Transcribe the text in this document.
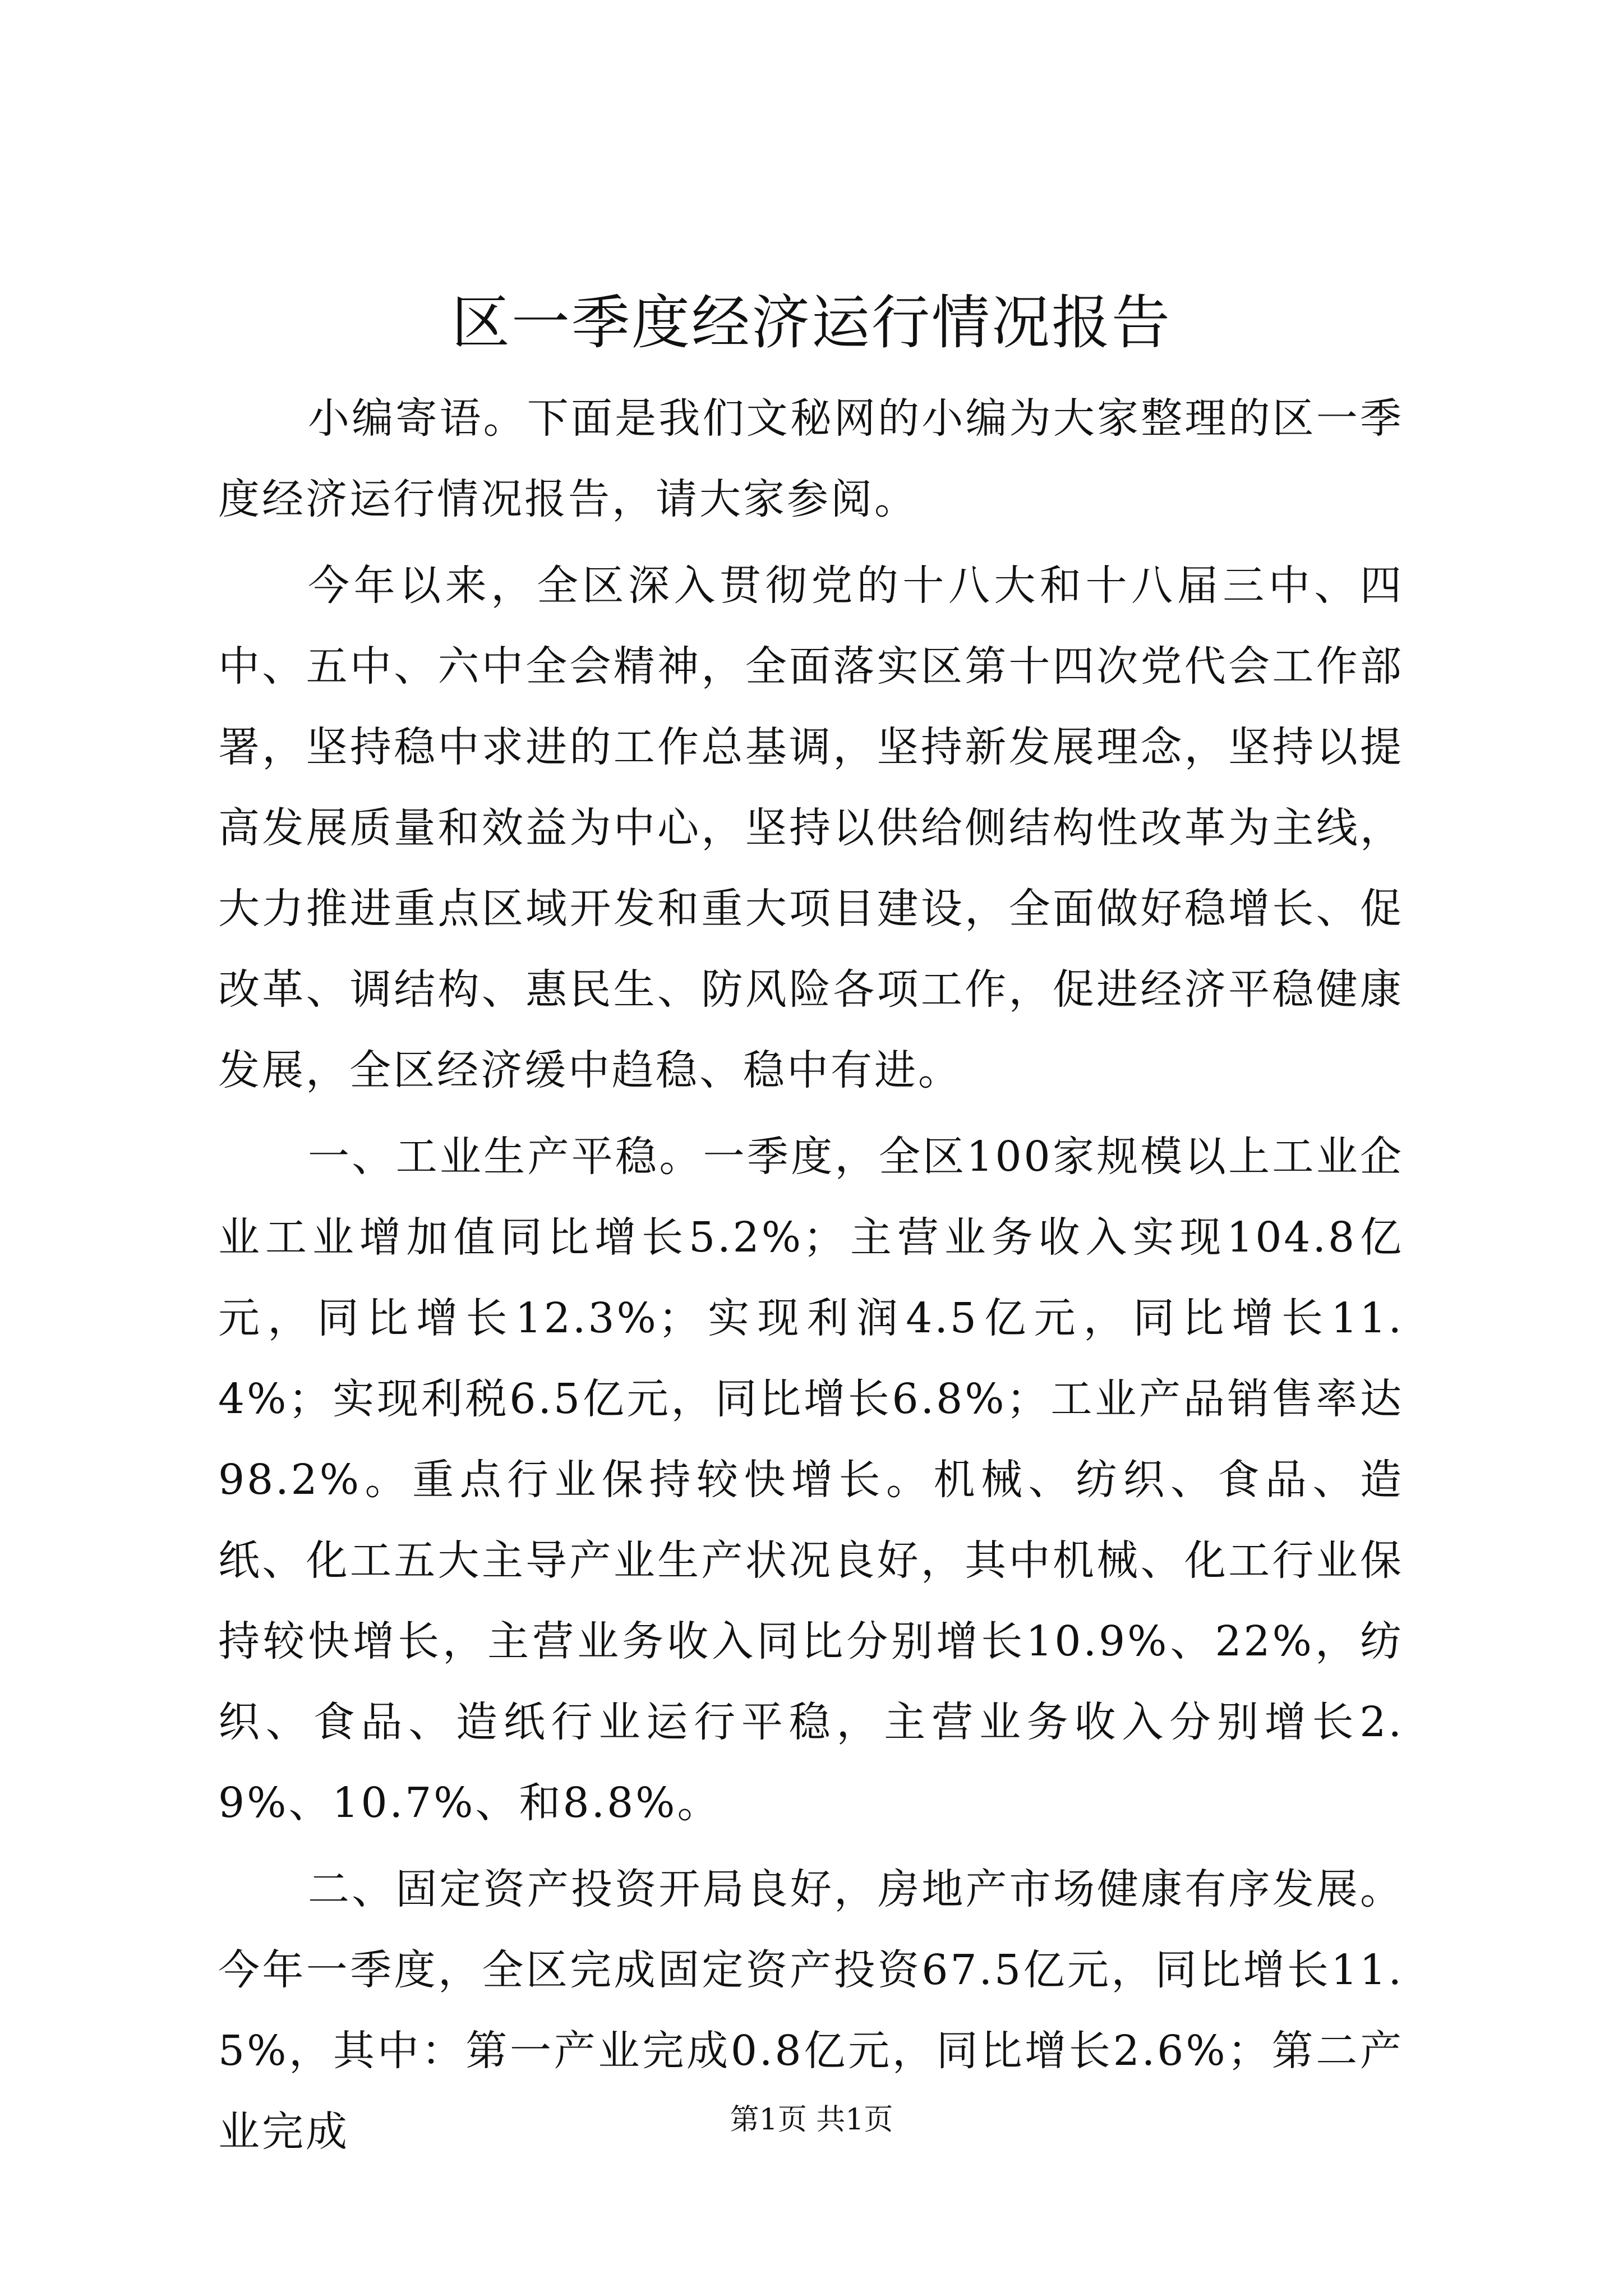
区一季度经济运行情况报告

小编寄语。下面是我们文秘网的小编为大家整理的区一季度经济运行情况报告，请大家参阅。

今年以来，全区深入贯彻党的十八大和十八届三中、四中、五中、六中全会精神，全面落实区第十四次党代会工作部署，坚持稳中求进的工作总基调，坚持新发展理念，坚持以提高发展质量和效益为中心，坚持以供给侧结构性改革为主线，大力推进重点区域开发和重大项目建设，全面做好稳增长、促改革、调结构、惠民生、防风险各项工作，促进经济平稳健康发展，全区经济缓中趋稳、稳中有进。

一、工业生产平稳。一季度，全区100家规模以上工业企业工业增加值同比增长5.2%；主营业务收入实现104.8亿元，同比增长12.3%；实现利润4.5亿元，同比增长11.4%；实现利税6.5亿元，同比增长6.8%；工业产品销售率达98.2%。重点行业保持较快增长。机械、纺织、食品、造纸、化工五大主导产业生产状况良好，其中机械、化工行业保持较快增长，主营业务收入同比分别增长10.9%、22%，纺织、食品、造纸行业运行平稳，主营业务收入分别增长2.9%、10.7%、和8.8%。

二、固定资产投资开局良好，房地产市场健康有序发展。今年一季度，全区完成固定资产投资67.5亿元，同比增长11.5%，其中：第一产业完成0.8亿元，同比增长2.6%；第二产业完成	第1页 共1页
